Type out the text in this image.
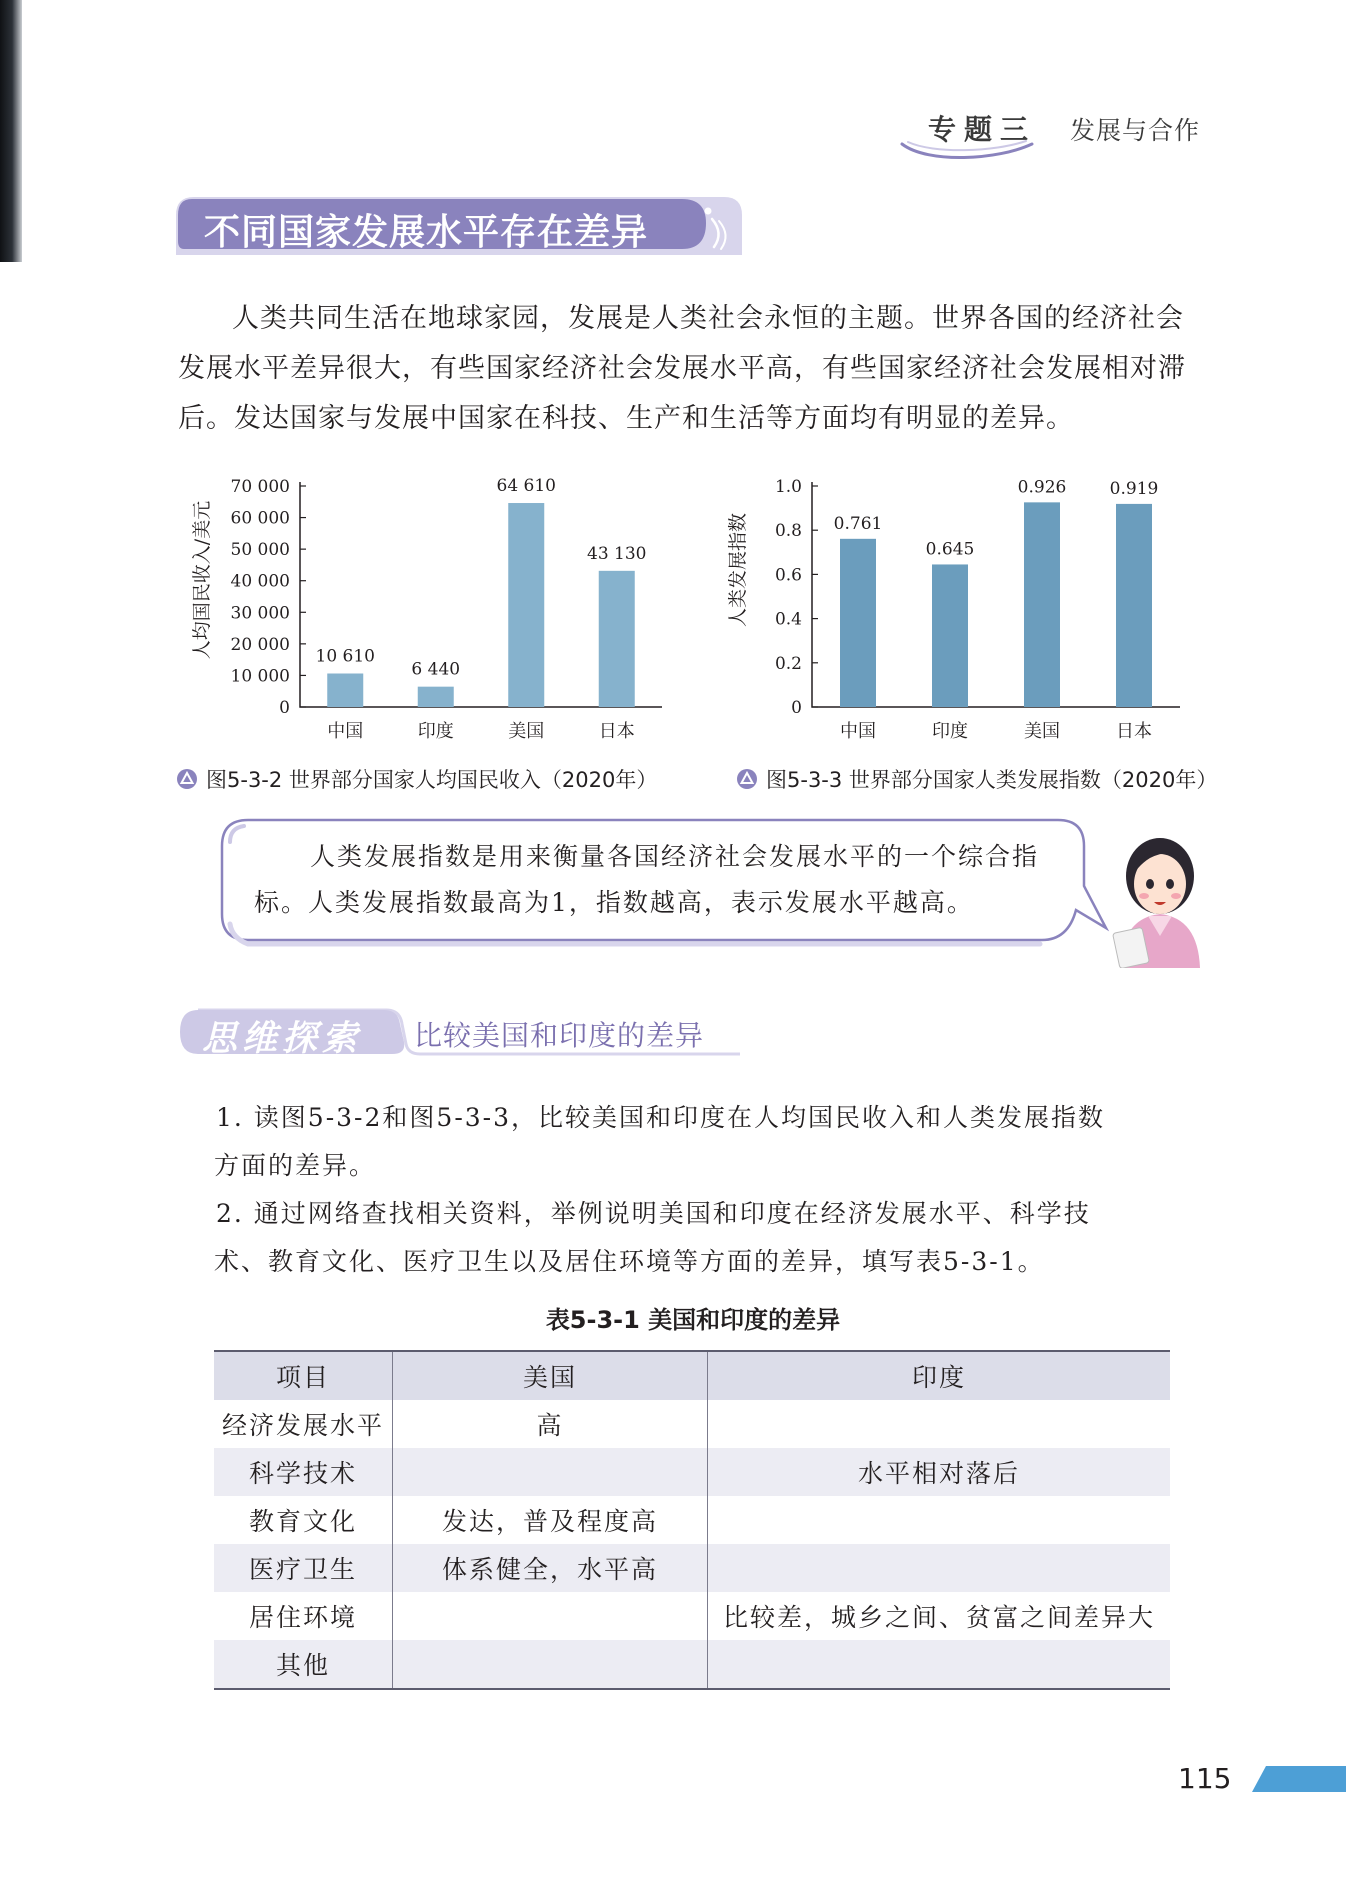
专题三 发展与合作
不同国家发展水平存在差异
人类共同生活在地球家园，发展是人类社会永恒的主题。世界各国的经济社会发展水平差异很大，有些国家经济社会发展水平高，有些国家经济社会发展相对滞后。发达国家与发展中国家在科技、生产和生活等方面均有明显的差异。
0
10 000
20 000
30 000
40 000
50 000
60 000
70 000
10 610
6 440
64 610
43 130
中国	印度	美国	日本
人均国民收入/美元
0
0.2
0.4
0.6
0.8
1.0
0.761
0.645
0.926	0.919
中国	印度	美国	日本
人类发展指数
图5-3-2 世界部分国家人均国民收入（2020年）	图5-3-3 世界部分国家人类发展指数（2020年）
人类发展指数是用来衡量各国经济社会发展水平的一个综合指标。人类发展指数最高为1，指数越高，表示发展水平越高。
思维探索 比较美国和印度的差异
1. 读图5-3-2和图5-3-3，比较美国和印度在人均国民收入和人类发展指数
方面的差异。
2. 通过网络查找相关资料，举例说明美国和印度在经济发展水平、科学技
术、教育文化、医疗卫生以及居住环境等方面的差异，填写表5-3-1。
表5-3-1 美国和印度的差异
项目	美国	印度
经济发展水平	高	
科学技术		水平相对落后
教育文化	发达，普及程度高	
医疗卫生	体系健全，水平高	
居住环境		比较差，城乡之间、贫富之间差异大
其他		
115
